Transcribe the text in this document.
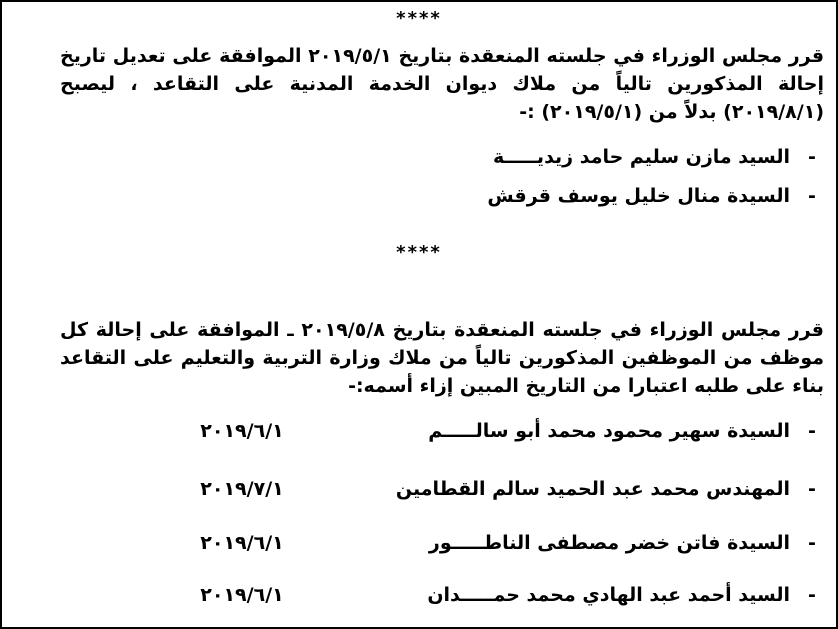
****
قرر مجلس الوزراء في جلسته المنعقدة بتاريخ ٢٠١٩/٥/١ الموافقة على تعديل تاريخ إحالة المذكورين تالياً من ملاك ديوان الخدمة المدنية على التقاعد ، ليصبح (٢٠١٩/٨/١) بدلاً من (٢٠١٩/٥/١) :-
-السيد مازن سليم حامد زيديـــــة
-السيدة منال خليل يوسف قرقش
****
قرر مجلس الوزراء في جلسته المنعقدة بتاريخ ٢٠١٩/٥/٨ ـ الموافقة على إحالة كل موظف من الموظفين المذكورين تالياً من ملاك وزارة التربية والتعليم على التقاعد بناء على طلبه اعتبارا من التاريخ المبين إزاء أسمه:-
-السيدة سهير محمود محمد أبو سالـــــم
٢٠١٩/٦/١
-المهندس محمد عبد الحميد سالم القطامين
٢٠١٩/٧/١
-السيدة فاتن خضر مصطفى الناطـــــور
٢٠١٩/٦/١
-السيد أحمد عبد الهادي محمد حمـــــدان
٢٠١٩/٦/١
